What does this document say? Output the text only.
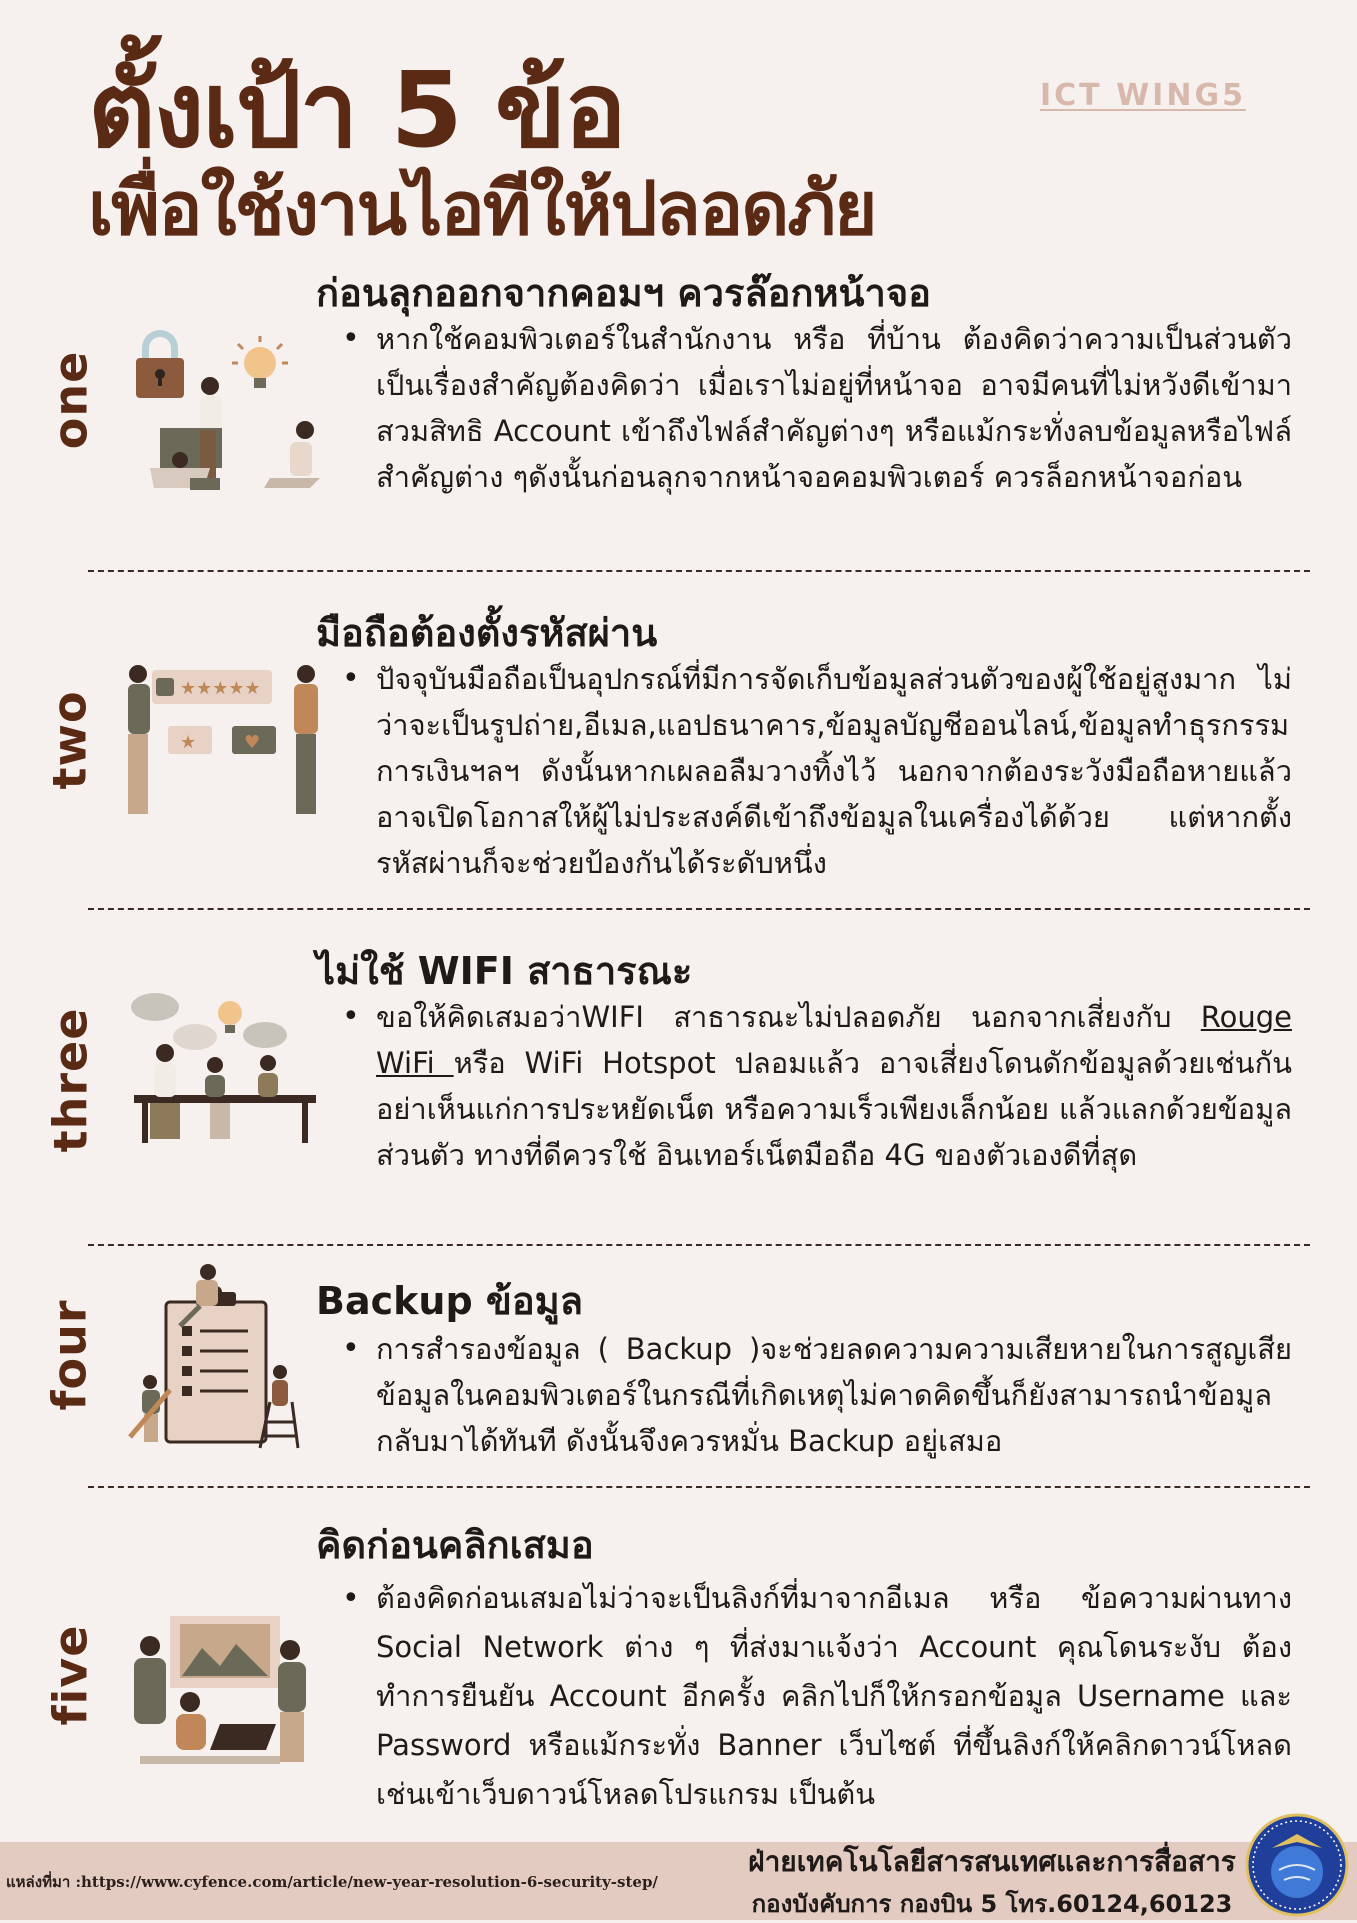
ตั้งเป้า 5 ข้อ
เพื่อใช้งานไอทีให้ปลอดภัย
ICT WING5
one
ก่อนลุกออกจากคอมฯ ควรล๊อกหน้าจอ
• หากใช้คอมพิวเตอร์ในสำนักงาน หรือ ที่บ้าน ต้องคิดว่าความเป็นส่วนตัวเป็นเรื่องสำคัญต้องคิดว่า เมื่อเราไม่อยู่ที่หน้าจอ อาจมีคนที่ไม่หวังดีเข้ามาสวมสิทธิ Account เข้าถึงไฟล์สำคัญต่างๆ หรือแม้กระทั่งลบข้อมูลหรือไฟล์สำคัญต่าง ๆดังนั้นก่อนลุกจากหน้าจอคอมพิวเตอร์ ควรล็อกหน้าจอก่อน

two
★★★★★
★	♥
มือถือต้องตั้งรหัสผ่าน
• ปัจจุบันมือถือเป็นอุปกรณ์ที่มีการจัดเก็บข้อมูลส่วนตัวของผู้ใช้อยู่สูงมาก ไม่ว่าจะเป็นรูปถ่าย,อีเมล,แอปธนาคาร,ข้อมูลบัญชีออนไลน์,ข้อมูลทำธุรกรรมการเงินฯลฯ ดังนั้นหากเผลอลืมวางทิ้งไว้ นอกจากต้องระวังมือถือหายแล้ว อาจเปิดโอกาสให้ผู้ไม่ประสงค์ดีเข้าถึงข้อมูลในเครื่องได้ด้วย แต่หากตั้งรหัสผ่านก็จะช่วยป้องกันได้ระดับหนึ่ง

three
ไม่ใช้ WIFI สาธารณะ
• ขอให้คิดเสมอว่าWIFI สาธารณะไม่ปลอดภัย นอกจากเสี่ยงกับ Rouge WiFi หรือ WiFi Hotspot ปลอมแล้ว อาจเสี่ยงโดนดักข้อมูลด้วยเช่นกัน อย่าเห็นแก่การประหยัดเน็ต หรือความเร็วเพียงเล็กน้อย แล้วแลกด้วยข้อมูลส่วนตัว ทางที่ดีควรใช้ อินเทอร์เน็ตมือถือ 4G ของตัวเองดีที่สุด

four	Backup ข้อมูล
• การสำรองข้อมูล ( Backup )จะช่วยลดความความเสียหายในการสูญเสียข้อมูลในคอมพิวเตอร์ในกรณีที่เกิดเหตุไม่คาดคิดขึ้นก็ยังสามารถนำข้อมูลกลับมาได้ทันที ดังนั้นจึงควรหมั่น Backup อยู่เสมอ

five
คิดก่อนคลิกเสมอ
• ต้องคิดก่อนเสมอไม่ว่าจะเป็นลิงก์ที่มาจากอีเมล หรือ ข้อความผ่านทาง Social Network ต่าง ๆ ที่ส่งมาแจ้งว่า Account คุณโดนระงับ ต้องทำการยืนยัน Account อีกครั้ง คลิกไปก็ให้กรอกข้อมูล Username และ Password หรือแม้กระทั่ง Banner เว็บไซต์ ที่ขึ้นลิงก์ให้คลิกดาวน์โหลด เช่นเข้าเว็บดาวน์โหลดโปรแกรม เป็นต้น

แหล่งที่มา :https://www.cyfence.com/article/new-year-resolution-6-security-step/
ฝ่ายเทคโนโลยีสารสนเทศและการสื่อสาร
กองบังคับการ กองบิน 5 โทร.60124,60123
